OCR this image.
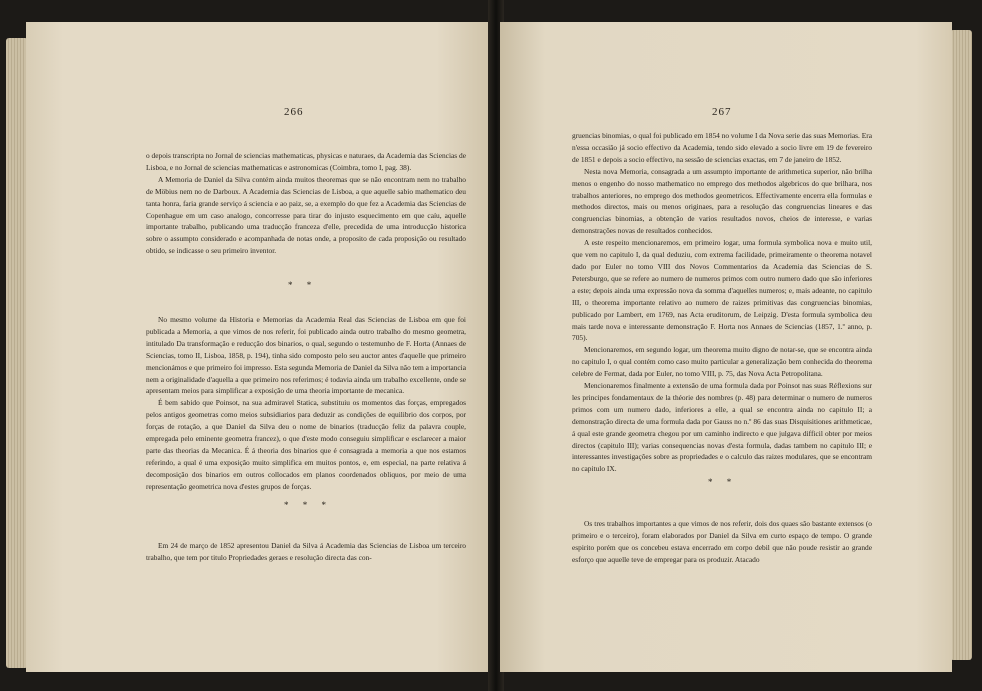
266

o depois transcripta no Jornal de sciencias mathematicas, physicas e naturaes, da Academia das Sciencias de Lisboa, e no Jornal de sciencias mathematicas e astronomicas (Coimbra, tomo I, pag. 38).

A Memoria de Daniel da Silva contém ainda muitos theoremas que se não encontram nem no trabalho de Möbius nem no de Darboux. A Academia das Sciencias de Lisboa, a que aquelle sabio mathematico deu tanta honra, faria grande serviço á sciencia e ao paiz, se, a exemplo do que fez a Academia das Sciencias de Copenhague em um caso analogo, concorresse para tirar do injusto esquecimento em que caíu, aquelle importante trabalho, publicando uma traducção franceza d'elle, precedida de uma introducção historica sobre o assumpto considerado e acompanhada de notas onde, a proposito de cada proposição ou resultado obtido, se indicasse o seu primeiro inventor.

* *

No mesmo volume da Historia e Memorias da Academia Real das Sciencias de Lisboa em que foi publicada a Memoria, a que vimos de nos referir, foi publicado ainda outro trabalho do mesmo geometra, intitulado Da transformação e reducção dos binarios, o qual, segundo o testemunho de F. Horta (Annaes de Sciencias, tomo II, Lisboa, 1858, p. 194), tinha sido composto pelo seu auctor antes d'aquelle que primeiro mencionámos e que primeiro foi impresso. Esta segunda Memoria de Daniel da Silva não tem a importancia nem a originalidade d'aquella a que primeiro nos referimos; é todavia ainda um trabalho excellente, onde se apresentam meios para simplificar a exposição de uma theoria importante de mecanica.

É bem sabido que Poinsot, na sua admiravel Statica, substituiu os momentos das forças, empregados pelos antigos geometras como meios subsidiarios para deduzir as condições de equilibrio dos corpos, por forças de rotação, a que Daniel da Silva deu o nome de binarios (traducção feliz da palavra couple, empregada pelo eminente geometra francez), o que d'este modo conseguiu simplificar e esclarecer a maior parte das theorias da Mecanica. É á theoria dos binarios que é consagrada a memoria a que nos estamos referindo, a qual é uma exposição muito simplifica em muitos pontos, e, em especial, na parte relativa á decomposição dos binarios em outros collocados em planos coordenados obliquos, por meio de uma representação geometrica nova d'estes grupos de forças.

* * *

Em 24 de março de 1852 apresentou Daniel da Silva á Academia das Sciencias de Lisboa um terceiro trabalho, que tem por titulo Propriedades geraes e resolução directa das con-

267

gruencias binomias, o qual foi publicado em 1854 no volume I da Nova serie das suas Memorias. Era n'essa occasião já socio effectivo da Academia, tendo sido elevado a socio livre em 19 de fevereiro de 1851 e depois a socio effectivo, na sessão de sciencias exactas, em 7 de janeiro de 1852.

Nesta nova Memoria, consagrada a um assumpto importante de arithmetica superior, não brilha menos o engenho do nosso mathematico no emprego dos methodos algebricos do que brilhara, nos trabalhos anteriores, no emprego dos methodos geometricos. Effectivamente encerra ella formulas e methodos directos, mais ou menos originaes, para a resolução das congruencias lineares e das congruencias binomias, a obtenção de varios resultados novos, cheios de interesse, e varias demonstrações novas de resultados conhecidos.

A este respeito mencionaremos, em primeiro logar, uma formula symbolica nova e muito util, que vem no capitulo I, da qual deduziu, com extrema facilidade, primeiramente o theorema notavel dado por Euler no tomo VIII dos Novos Commentarios da Academia das Sciencias de S. Petersburgo, que se refere ao numero de numeros primos com outro numero dado que são inferiores a este; depois ainda uma expressão nova da somma d'aquelles numeros; e, mais adeante, no capitulo III, o theorema importante relativo ao numero de raizes primitivas das congruencias binomias, publicado por Lambert, em 1769, nas Acta eruditorum, de Leipzig. D'esta formula symbolica deu mais tarde nova e interessante demonstração F. Horta nos Annaes de Sciencias (1857, 1.º anno, p. 705).

Mencionaremos, em segundo logar, um theorema muito digno de notar-se, que se encontra ainda no capitulo I, o qual contém como caso muito particular a generalização bem conhecida do theorema celebre de Fermat, dada por Euler, no tomo VIII, p. 75, das Nova Acta Petropolitana.

Mencionaremos finalmente a extensão de uma formula dada por Poinsot nas suas Réflexions sur les principes fondamentaux de la théorie des nombres (p. 48) para determinar o numero de numeros primos com um numero dado, inferiores a elle, a qual se encontra ainda no capitulo II; a demonstração directa de uma formula dada por Gauss no n.º 86 das suas Disquisitiones arithmeticae, á qual este grande geometra chegou por um caminho indirecto e que julgava difficil obter por meios directos (capitulo III); varias consequencias novas d'esta formula, dadas tambem no capitulo III; e interessantes investigações sobre as propriedades e o calculo das raizes modulares, que se encontram no capitulo IX.

* *

Os tres trabalhos importantes a que vimos de nos referir, dois dos quaes são bastante extensos (o primeiro e o terceiro), foram elaborados por Daniel da Silva em curto espaço de tempo. O grande espirito porém que os concebeu estava encerrado em corpo debil que não poude resistir ao grande esforço que aquelle teve de empregar para os produzir. Atacado
